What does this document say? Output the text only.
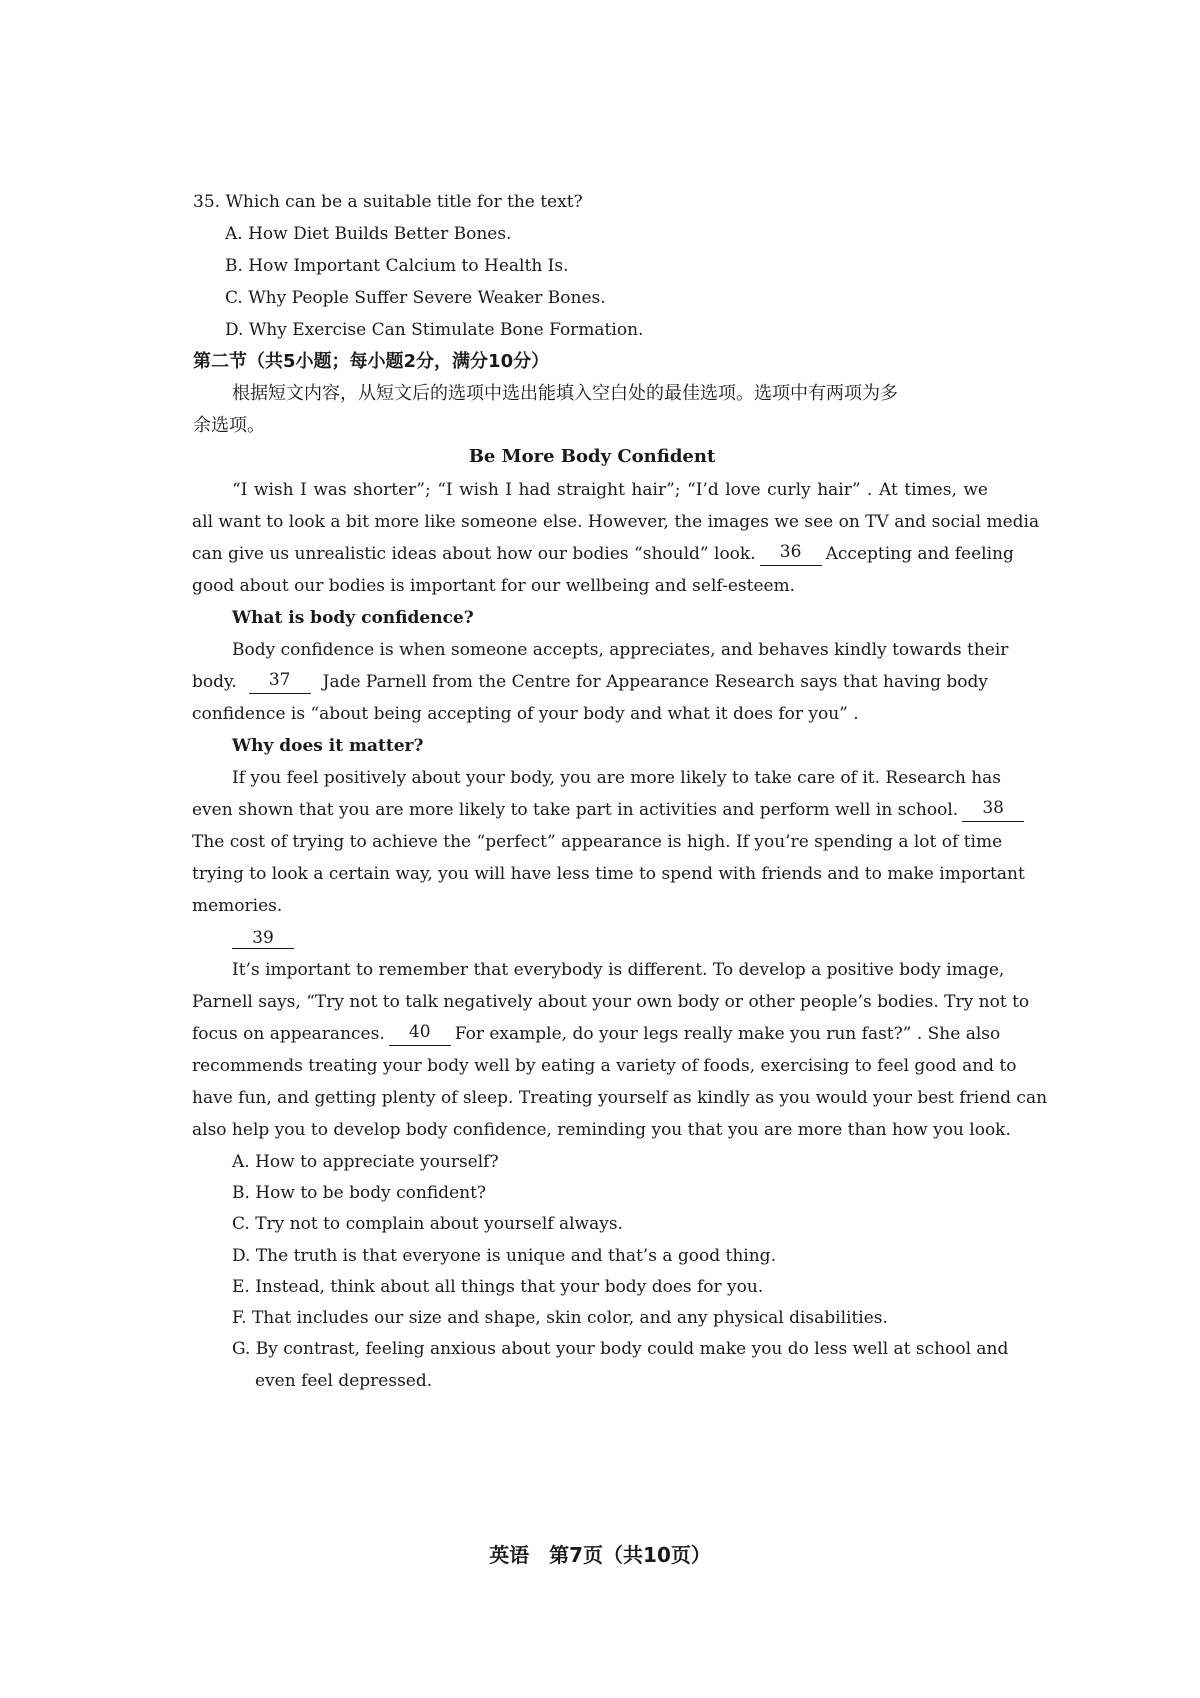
35. Which can be a suitable title for the text?
A. How Diet Builds Better Bones.
B. How Important Calcium to Health Is.
C. Why People Suffer Severe Weaker Bones.
D. Why Exercise Can Stimulate Bone Formation.
第二节（共5小题；每小题2分，满分10分）
根据短文内容，从短文后的选项中选出能填入空白处的最佳选项。选项中有两项为多
余选项。
Be More Body Confident
“I wish I was shorter”; “I wish I had straight hair”; “I’d love curly hair” . At times, we
all want to look a bit more like someone else. However, the images we see on TV and social media
can give us unrealistic ideas about how our bodies “should” look.	36	Accepting and feeling
good about our bodies is important for our wellbeing and self-esteem.
What is body confidence?
Body confidence is when someone accepts, appreciates, and behaves kindly towards their
body.	37	Jade Parnell from the Centre for Appearance Research says that having body
confidence is “about being accepting of your body and what it does for you” .
Why does it matter?
If you feel positively about your body, you are more likely to take care of it. Research has
even shown that you are more likely to take part in activities and perform well in school.	38
The cost of trying to achieve the “perfect” appearance is high. If you’re spending a lot of time
trying to look a certain way, you will have less time to spend with friends and to make important
memories.
39
It’s important to remember that everybody is different. To develop a positive body image,
Parnell says, “Try not to talk negatively about your own body or other people’s bodies. Try not to
focus on appearances.	40	For example, do your legs really make you run fast?” . She also
recommends treating your body well by eating a variety of foods, exercising to feel good and to
have fun, and getting plenty of sleep. Treating yourself as kindly as you would your best friend can
also help you to develop body confidence, reminding you that you are more than how you look.
A. How to appreciate yourself?
B. How to be body confident?
C. Try not to complain about yourself always.
D. The truth is that everyone is unique and that’s a good thing.
E. Instead, think about all things that your body does for you.
F. That includes our size and shape, skin color, and any physical disabilities.
G. By contrast, feeling anxious about your body could make you do less well at school and
even feel depressed.
英语　第7页（共10页）
